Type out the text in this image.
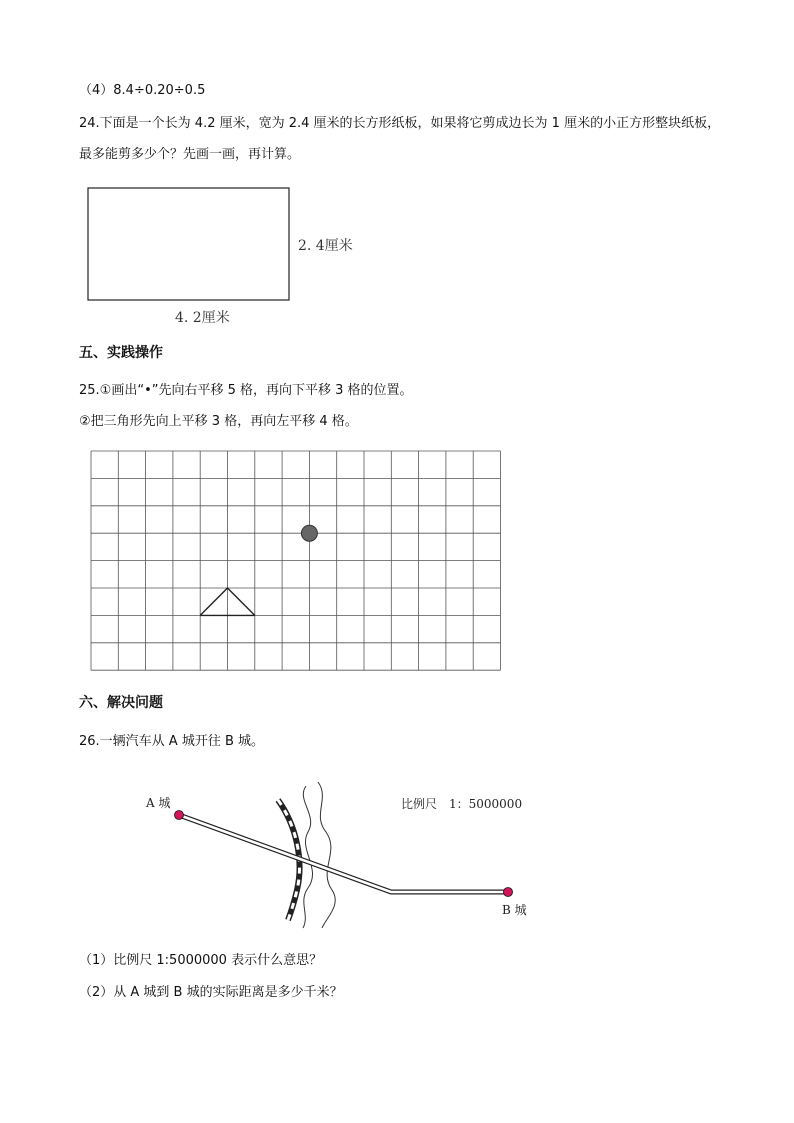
（4）8.4÷0.20÷0.5
24.下面是一个长为 4.2 厘米，宽为 2.4 厘米的长方形纸板，如果将它剪成边长为 1 厘米的小正方形整块纸板，最多能剪多少个？先画一画，再计算。
2. 4厘米
4. 2厘米
五、实践操作
25.①画出“•”先向右平移 5 格，再向下平移 3 格的位置。
②把三角形先向上平移 3 格，再向左平移 4 格。
六、解决问题
26.一辆汽车从 A 城开往 B 城。
A 城
B 城
比例尺　1：5000000
（1）比例尺 1:5000000 表示什么意思？
（2）从 A 城到 B 城的实际距离是多少千米？
